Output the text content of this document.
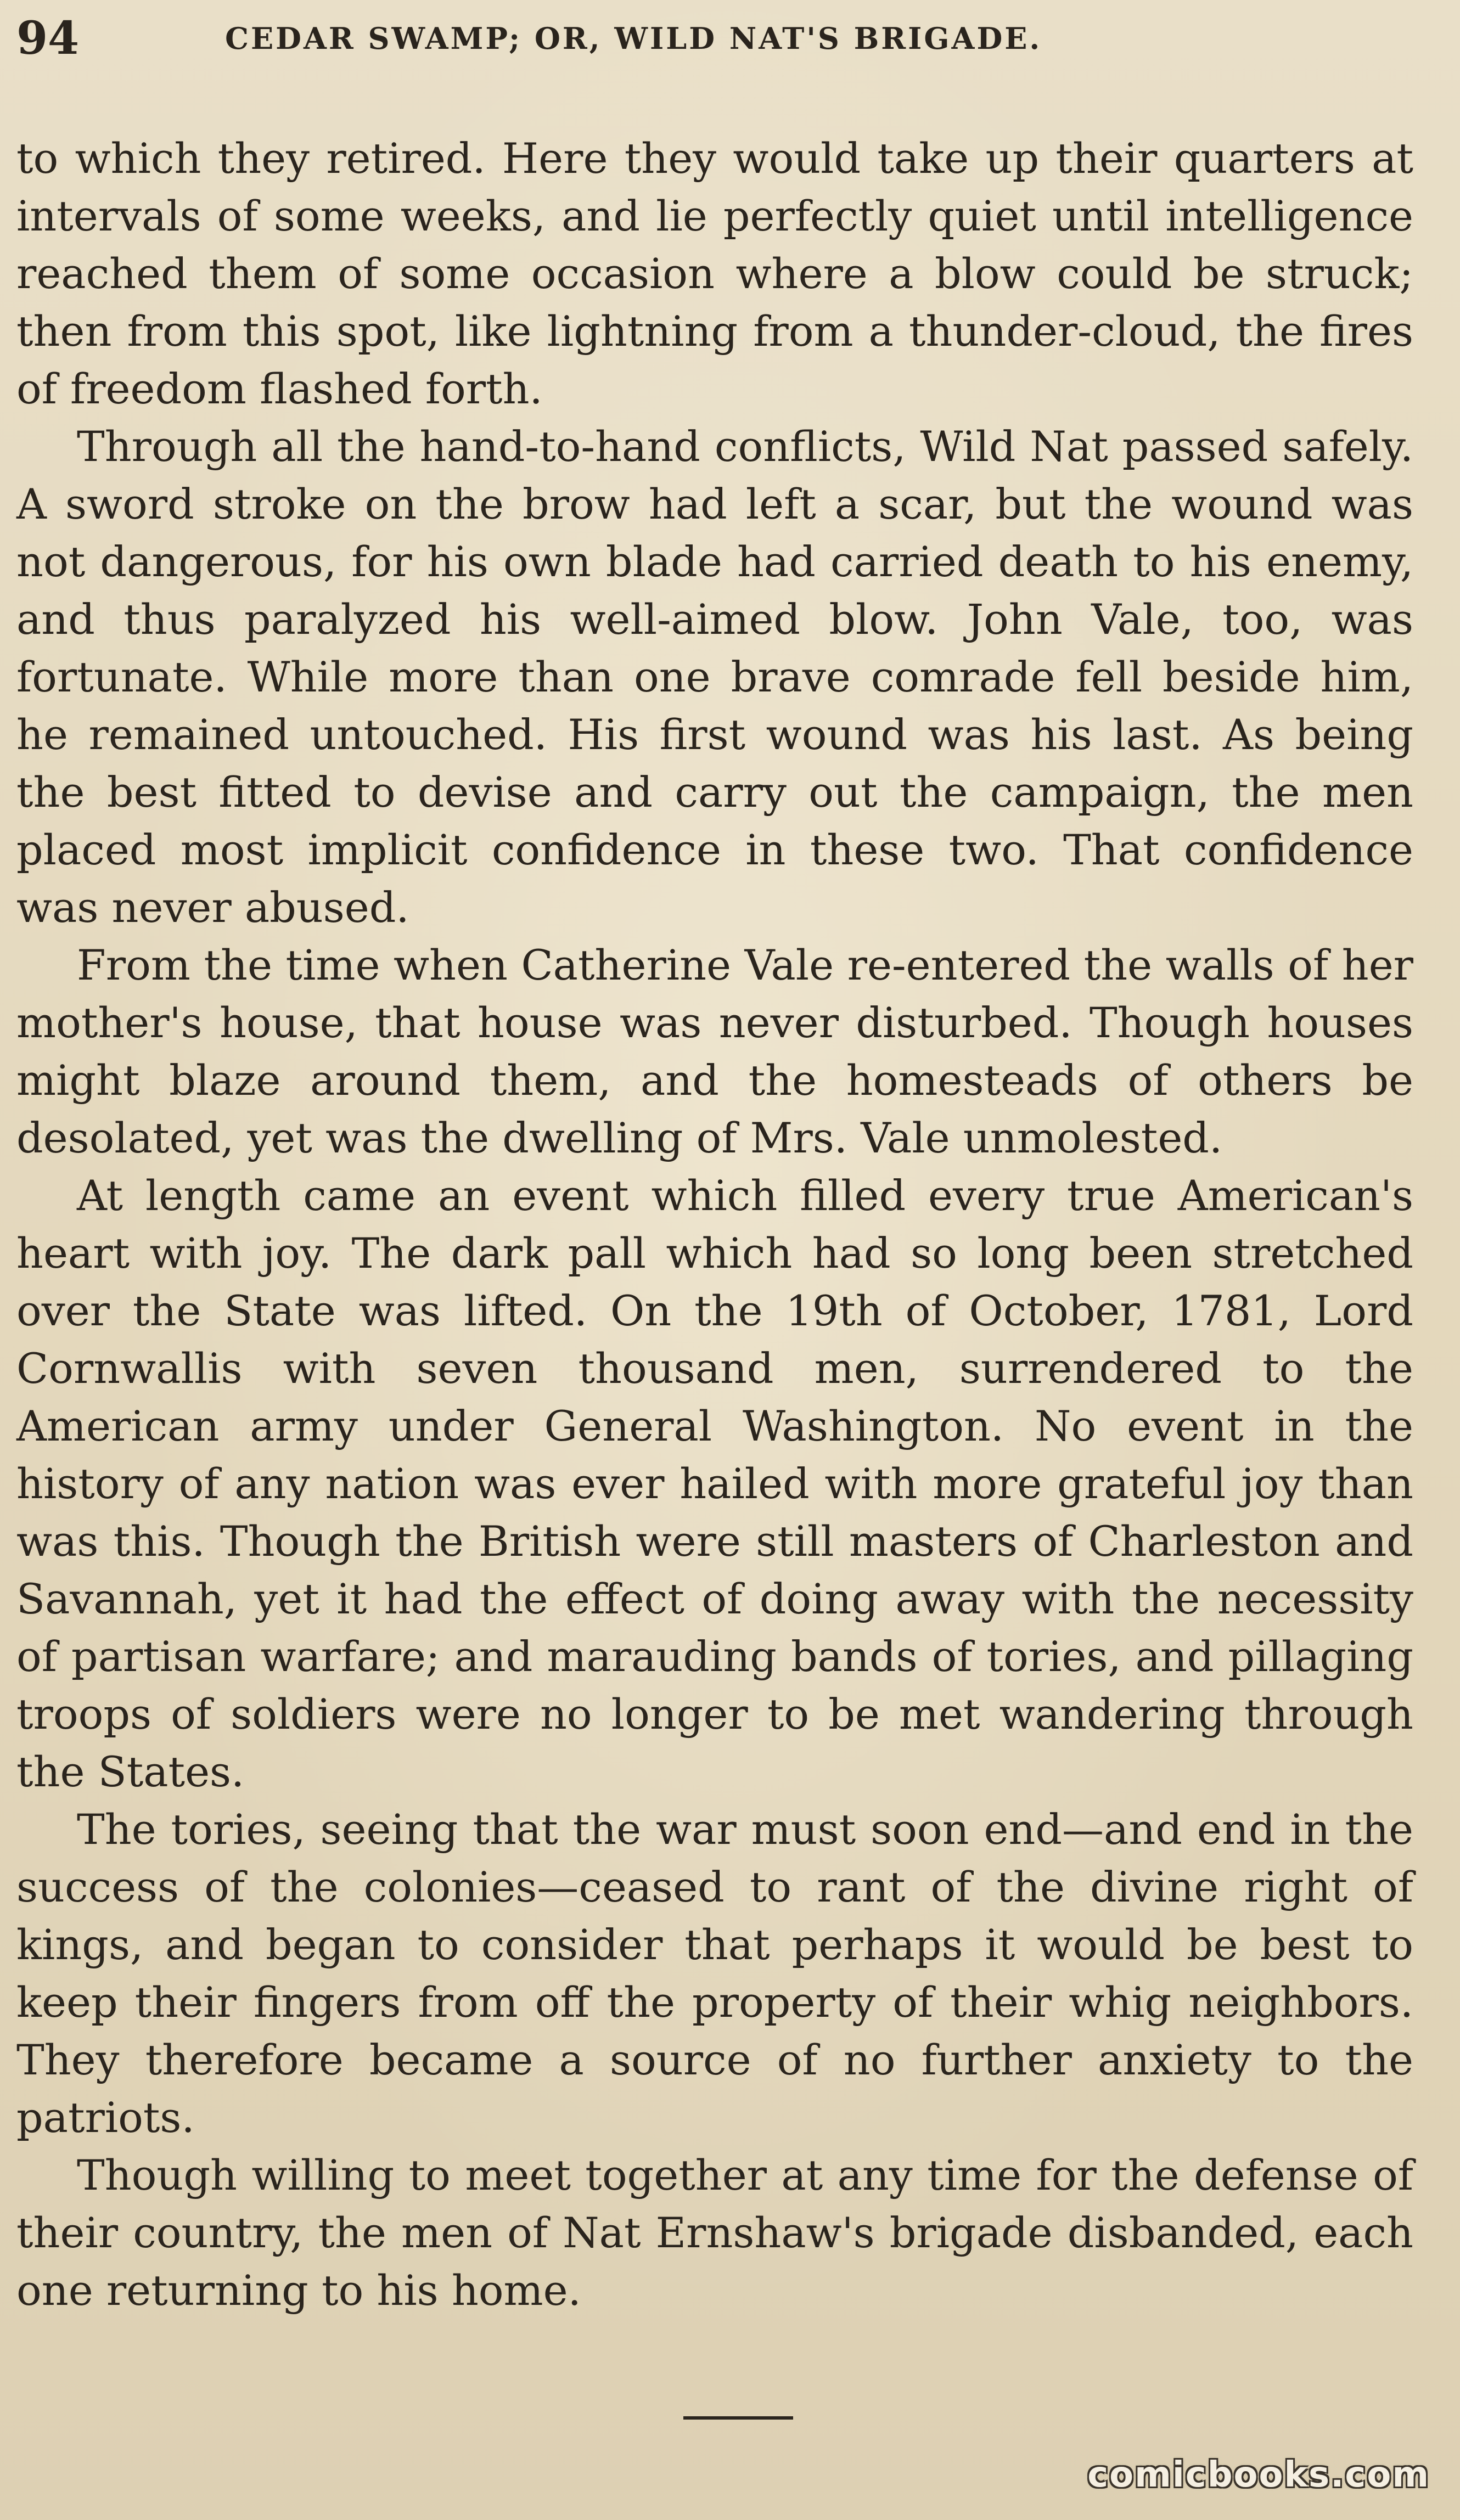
94	CEDAR SWAMP; OR, WILD NAT'S BRIGADE.

to which they retired. Here they would take up their quarters at intervals of some weeks, and lie perfectly quiet until intelligence reached them of some occasion where a blow could be struck; then from this spot, like lightning from a thunder-cloud, the fires of freedom flashed forth.

Through all the hand-to-hand conflicts, Wild Nat passed safely. A sword stroke on the brow had left a scar, but the wound was not dangerous, for his own blade had carried death to his enemy, and thus paralyzed his well-aimed blow. John Vale, too, was fortunate. While more than one brave comrade fell beside him, he remained untouched. His first wound was his last. As being the best fitted to devise and carry out the campaign, the men placed most implicit confidence in these two. That confidence was never abused.

From the time when Catherine Vale re-entered the walls of her mother's house, that house was never disturbed. Though houses might blaze around them, and the homesteads of others be desolated, yet was the dwelling of Mrs. Vale unmolested.

At length came an event which filled every true American's heart with joy. The dark pall which had so long been stretched over the State was lifted. On the 19th of October, 1781, Lord Cornwallis with seven thousand men, surrendered to the American army under General Washington. No event in the history of any nation was ever hailed with more grateful joy than was this. Though the British were still masters of Charleston and Savannah, yet it had the effect of doing away with the necessity of partisan warfare; and marauding bands of tories, and pillaging troops of soldiers were no longer to be met wandering through the States.

The tories, seeing that the war must soon end—and end in the success of the colonies—ceased to rant of the divine right of kings, and began to consider that perhaps it would be best to keep their fingers from off the property of their whig neighbors. They therefore became a source of no further anxiety to the patriots.

Though willing to meet together at any time for the defense of their country, the men of Nat Ernshaw's brigade disbanded, each one returning to his home.

comicbooks.com
